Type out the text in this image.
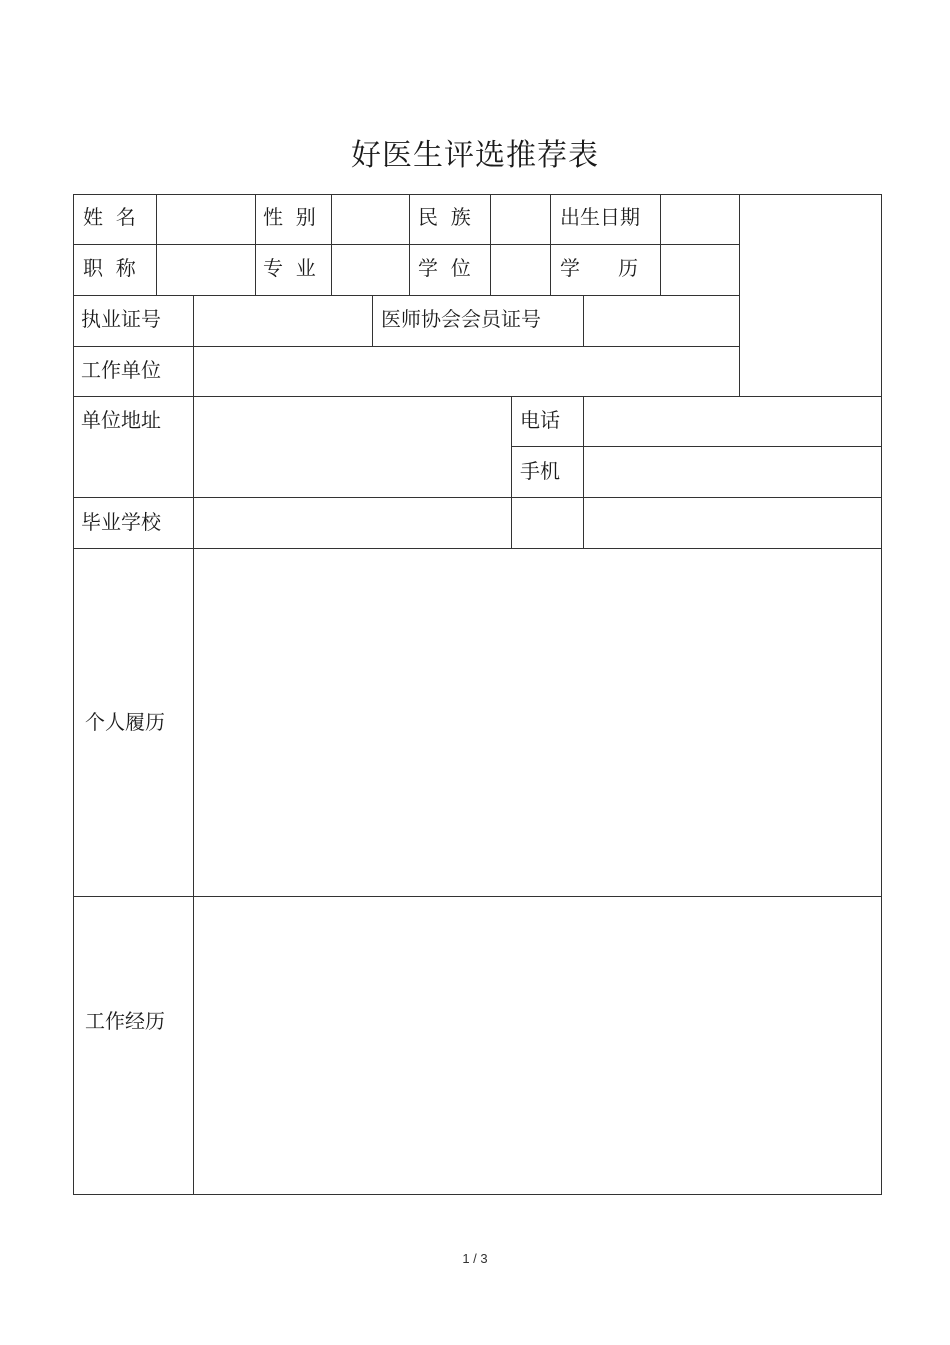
好医生评选推荐表
姓  名	性  别	民  族	出生日期
职  称	专  业	学  位	学      历
执业证号	医师协会会员证号
工作单位
单位地址	电话
手机
毕业学校
个人履历
工作经历
1 / 3
